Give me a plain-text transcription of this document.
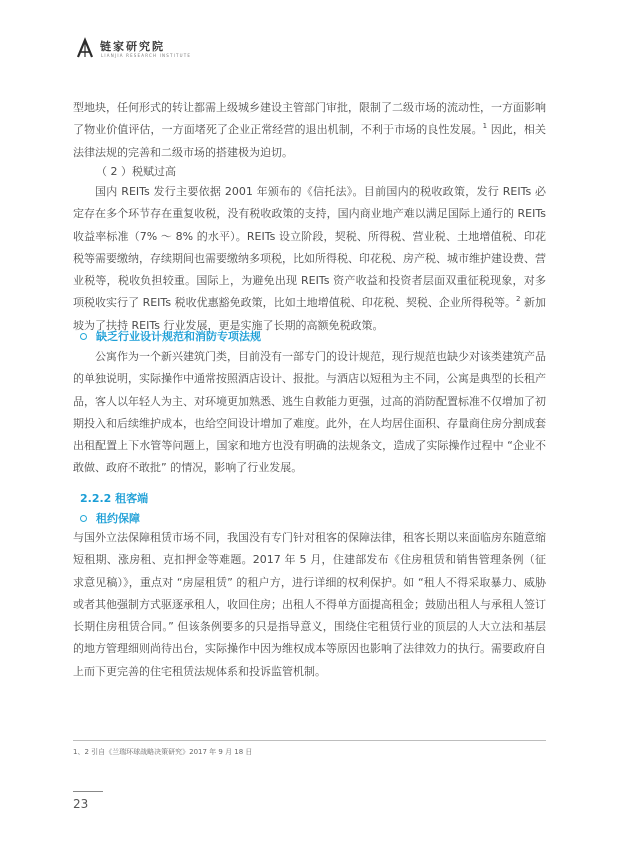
链家研究院
LIANJIA RESEARCH INSTITUTE

型地块，任何形式的转让都需上级城乡建设主管部门审批，限制了二级市场的流动性，一方面影响了物业价值评估，一方面堵死了企业正常经营的退出机制，不利于市场的良性发展。$^1$ 因此，相关法律法规的完善和二级市场的搭建极为迫切。

（ 2 ）税赋过高

国内 REITs 发行主要依据 2001 年颁布的《信托法》。目前国内的税收政策，发行 REITs 必定存在多个环节存在重复收税，没有税收政策的支持，国内商业地产难以满足国际上通行的 REITs 收益率标准（7% ～ 8% 的水平）。REITs 设立阶段，契税、所得税、营业税、土地增值税、印花税等需要缴纳，存续期间也需要缴纳多项税，比如所得税、印花税、房产税、城市维护建设费、营业税等，税收负担较重。国际上，为避免出现 REITs 资产收益和投资者层面双重征税现象，对多项税收实行了 REITs 税收优惠豁免政策，比如土地增值税、印花税、契税、企业所得税等。$^2$ 新加坡为了扶持 REITs 行业发展，更是实施了长期的高额免税政策。

缺乏行业设计规范和消防专项法规

公寓作为一个新兴建筑门类，目前没有一部专门的设计规范，现行规范也缺少对该类建筑产品的单独说明，实际操作中通常按照酒店设计、报批。与酒店以短租为主不同，公寓是典型的长租产品，客人以年轻人为主、对环境更加熟悉、逃生自救能力更强，过高的消防配置标准不仅增加了初期投入和后续维护成本，也给空间设计增加了难度。此外，在人均居住面积、存量商住房分割成套出租配置上下水管等问题上，国家和地方也没有明确的法规条文，造成了实际操作过程中 “企业不敢做、政府不敢批” 的情况，影响了行业发展。

2.2.2 租客端
租约保障

与国外立法保障租赁市场不同，我国没有专门针对租客的保障法律，租客长期以来面临房东随意缩短租期、涨房租、克扣押金等难题。2017 年 5 月，住建部发布《住房租赁和销售管理条例（征求意见稿）》，重点对 “房屋租赁” 的租户方，进行详细的权利保护。如 “租人不得采取暴力、威胁或者其他强制方式驱逐承租人，收回住房；出租人不得单方面提高租金；鼓励出租人与承租人签订长期住房租赁合同。” 但该条例要多的只是指导意义，围绕住宅租赁行业的顶层的人大立法和基层的地方管理细则尚待出台，实际操作中因为维权成本等原因也影响了法律效力的执行。需要政府自上而下更完善的住宅租赁法规体系和投诉监管机制。

1、2 引自《兰瑞环球战略决策研究》2017 年 9 月 18 日
23
